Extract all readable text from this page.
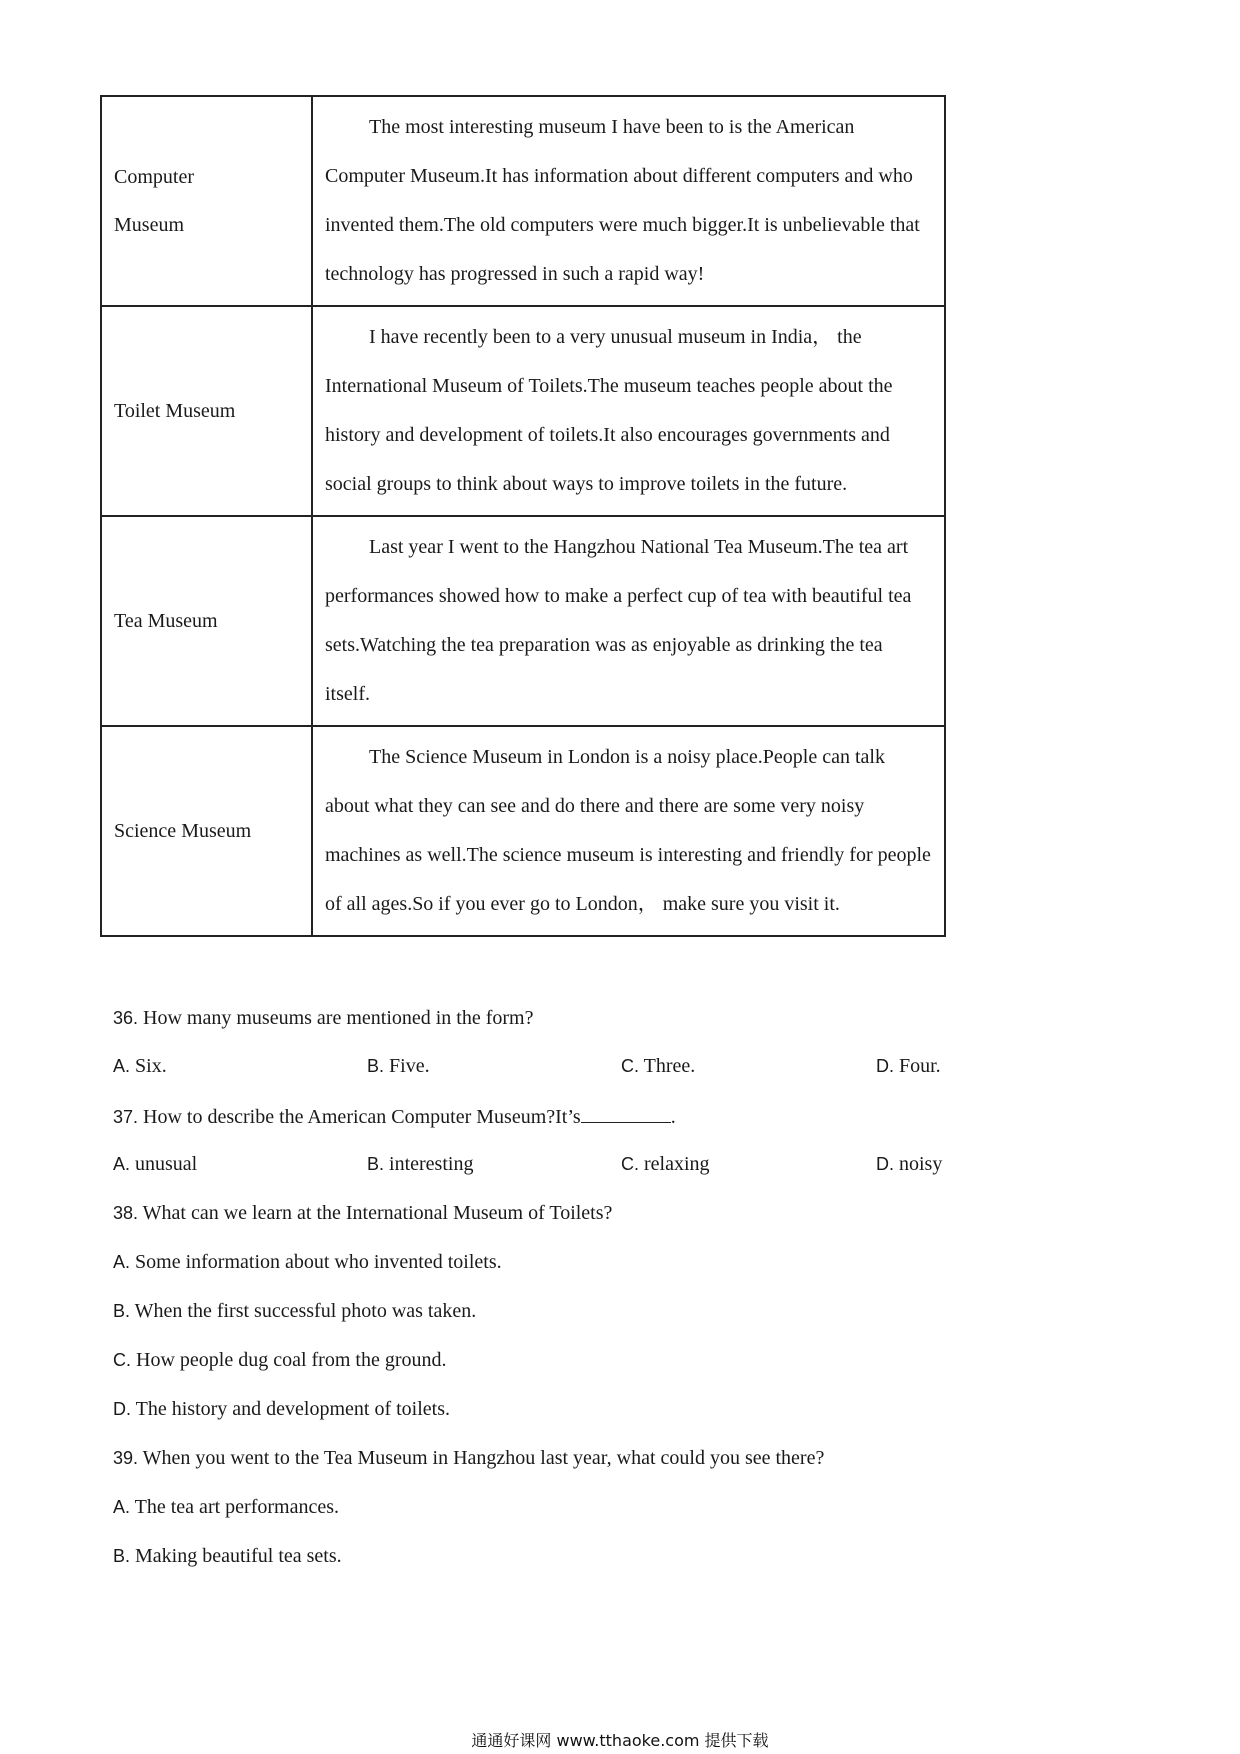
Computer
Museum	The most interesting museum I have been to is the American Computer Museum.It has information about different computers and who invented them.The old computers were much bigger.It is unbelievable that technology has progressed in such a rapid way!

Toilet Museum	I have recently been to a very unusual museum in India， the International Museum of Toilets.The museum teaches people about the history and development of toilets.It also encourages governments and social groups to think about ways to improve toilets in the future.

Tea Museum	Last year I went to the Hangzhou National Tea Museum.The tea art performances showed how to make a perfect cup of tea with beautiful tea sets.Watching the tea preparation was as enjoyable as drinking the tea itself.

Science Museum	The Science Museum in London is a noisy place.People can talk about what they can see and do there and there are some very noisy machines as well.The science museum is interesting and friendly for people of all ages.So if you ever go to London， make sure you visit it.
36. How many museums are mentioned in the form?
A. Six.	B. Five.	C. Three.	D. Four.
37. How to describe the American Computer Museum?It’s	.
A. unusual	B. interesting	C. relaxing	D. noisy
38. What can we learn at the International Museum of Toilets?
A. Some information about who invented toilets.
B. When the first successful photo was taken.
C. How people dug coal from the ground.
D. The history and development of toilets.
39. When you went to the Tea Museum in Hangzhou last year, what could you see there?
A. The tea art performances.
B. Making beautiful tea sets.
通通好课网 www.tthaoke.com 提供下载
